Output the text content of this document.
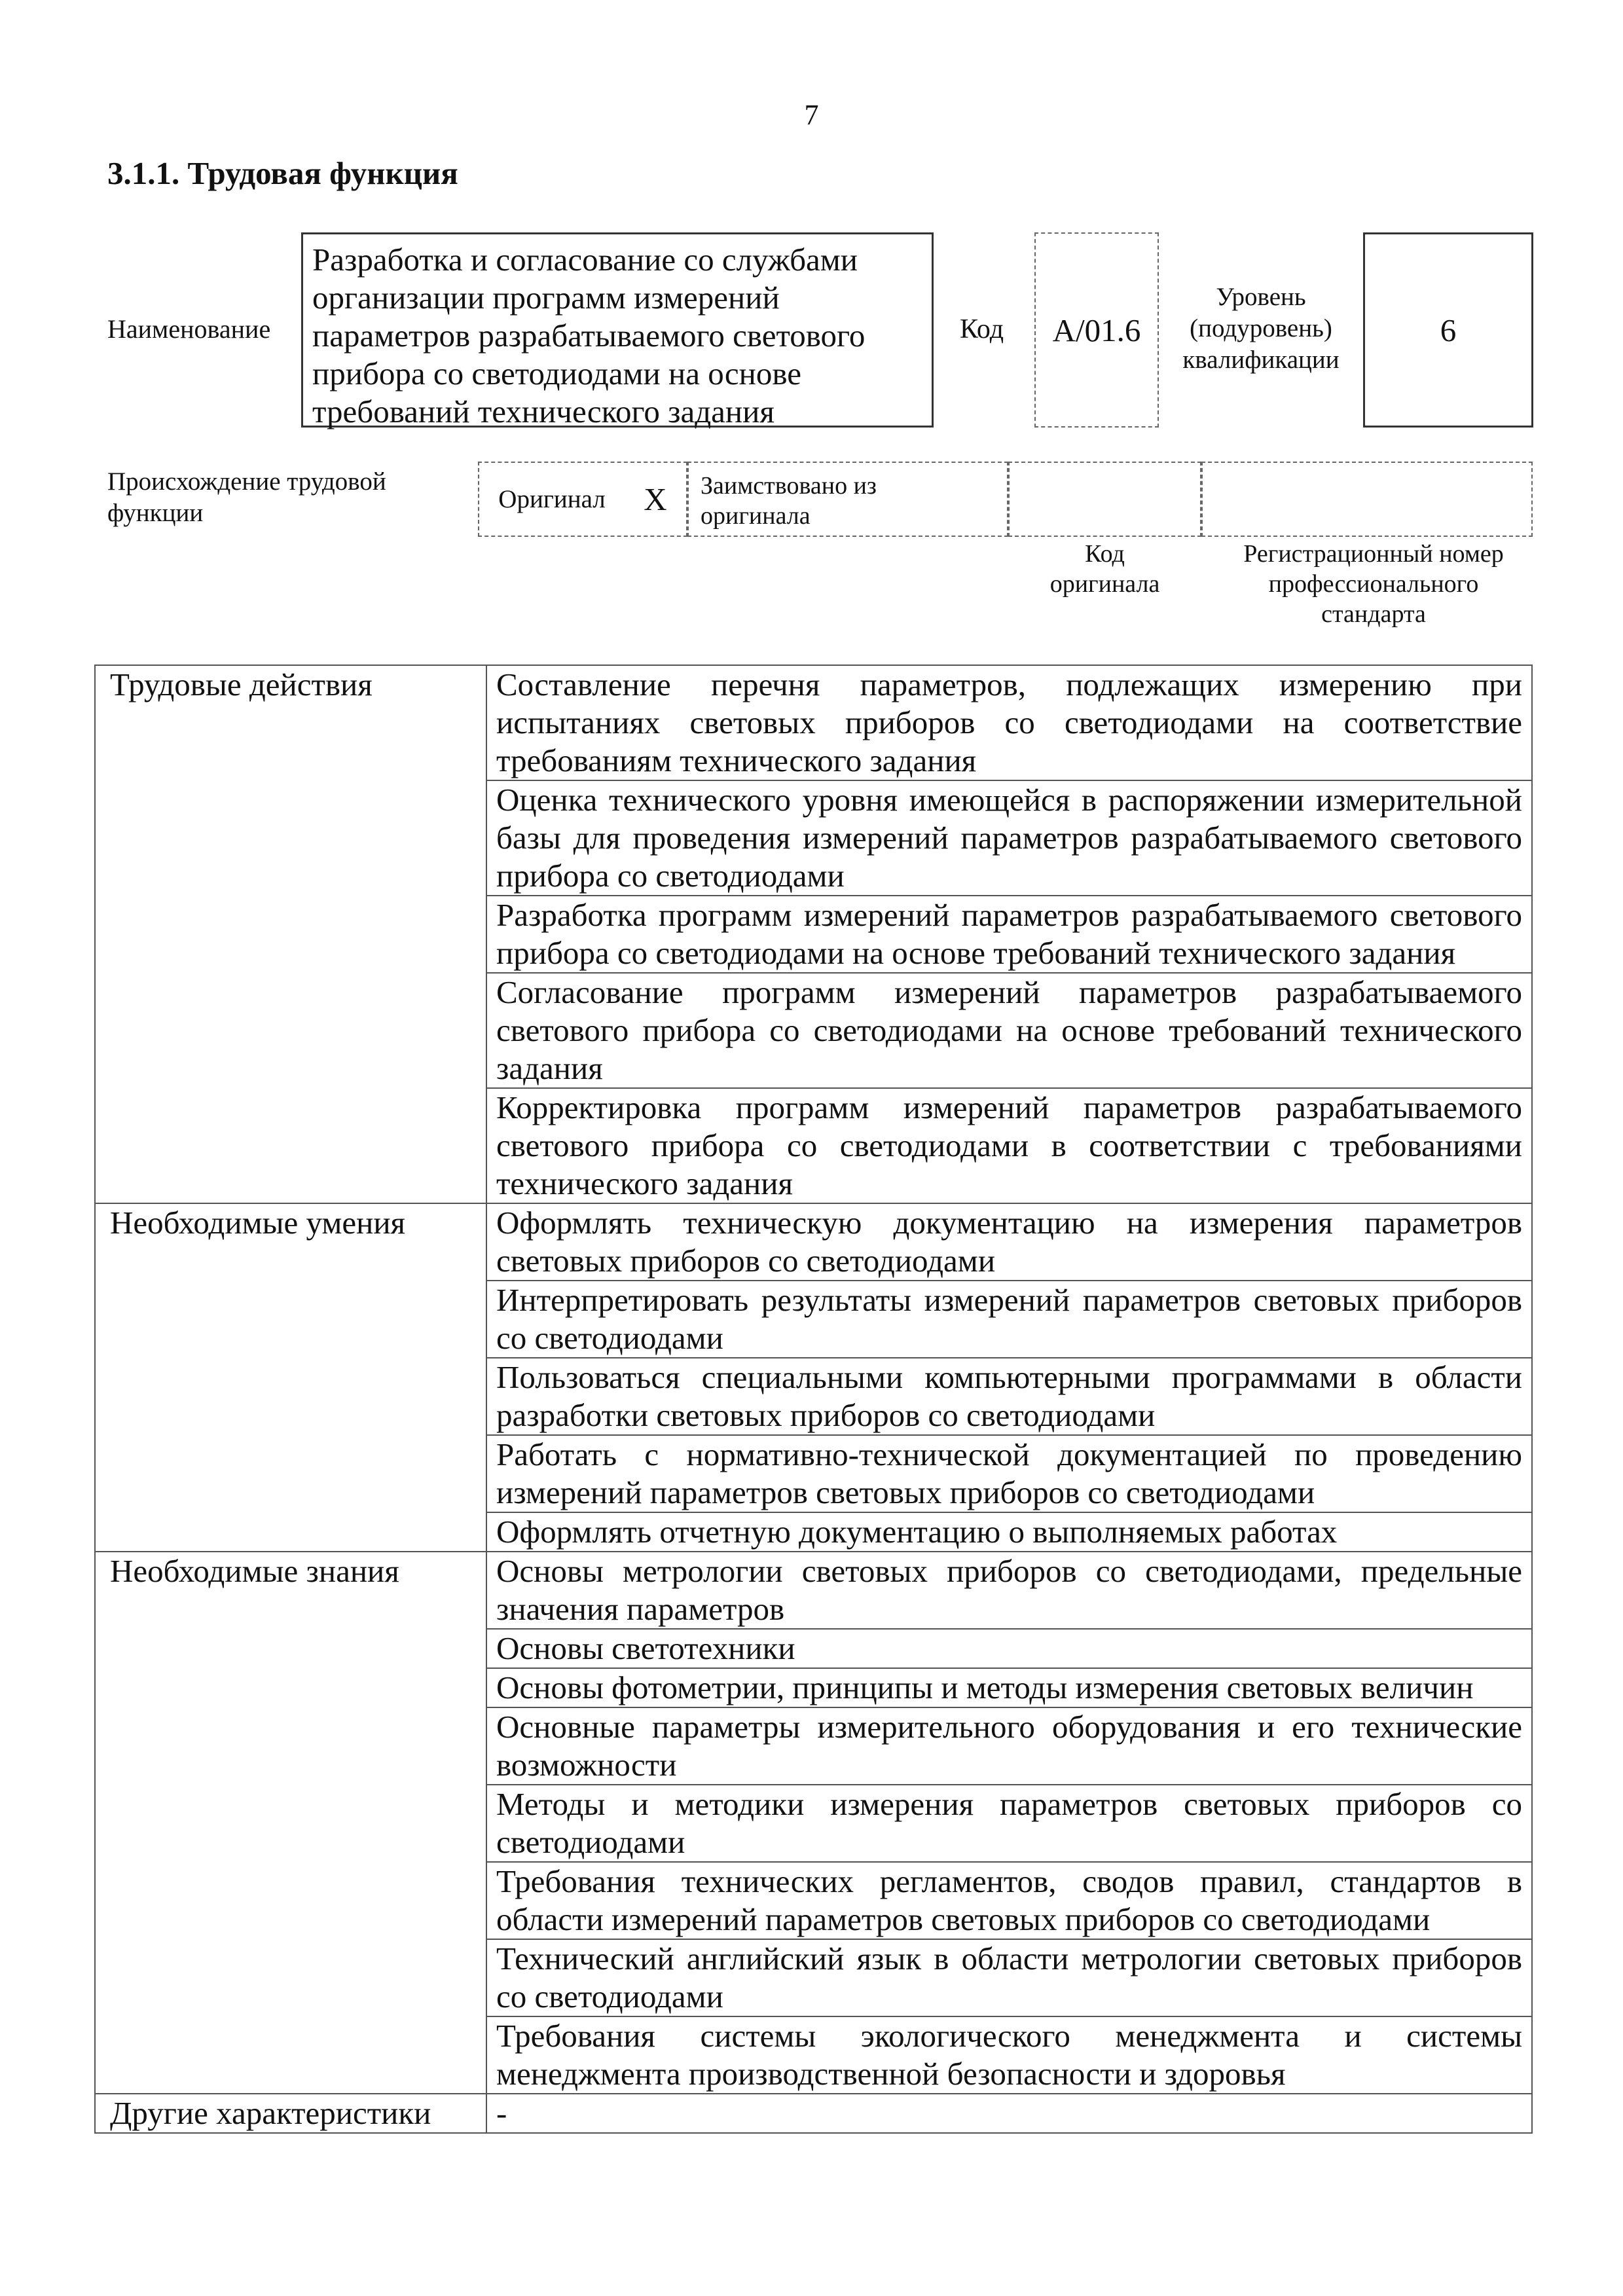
7
3.1.1. Трудовая функция
Наименование
Разработка и согласование со службами организации программ измерений параметров разрабатываемого светового прибора со светодиодами на основе требований технического задания
Код	A/01.6
Уровень
(подуровень)
квалификации
6
Происхождение трудовой
функции	Оригинал X Заимствовано из
оригинала
Код
оригинала
Регистрационный номер
профессионального
стандарта
Трудовые действия	Составление перечня параметров, подлежащих измерению при испытаниях световых приборов со светодиодами на соответствие требованиям технического задания
	Оценка технического уровня имеющейся в распоряжении измерительной базы для проведения измерений параметров разрабатываемого светового прибора со светодиодами
	Разработка программ измерений параметров разрабатываемого светового прибора со светодиодами на основе требований технического задания
	Согласование программ измерений параметров разрабатываемого светового прибора со светодиодами на основе требований технического задания
	Корректировка программ измерений параметров разрабатываемого светового прибора со светодиодами в соответствии с требованиями технического задания
Необходимые умения	Оформлять техническую документацию на измерения параметров световых приборов со светодиодами
	Интерпретировать результаты измерений параметров световых приборов со светодиодами
	Пользоваться специальными компьютерными программами в области разработки световых приборов со светодиодами
	Работать с нормативно-технической документацией по проведению измерений параметров световых приборов со светодиодами
	Оформлять отчетную документацию о выполняемых работах
Необходимые знания	Основы метрологии световых приборов со светодиодами, предельные значения параметров
	Основы светотехники
	Основы фотометрии, принципы и методы измерения световых величин
	Основные параметры измерительного оборудования и его технические возможности
	Методы и методики измерения параметров световых приборов со светодиодами
	Требования технических регламентов, сводов правил, стандартов в области измерений параметров световых приборов со светодиодами
	Технический английский язык в области метрологии световых приборов со светодиодами
	Требования системы экологического менеджмента и системы менеджмента производственной безопасности и здоровья
Другие характеристики	-
